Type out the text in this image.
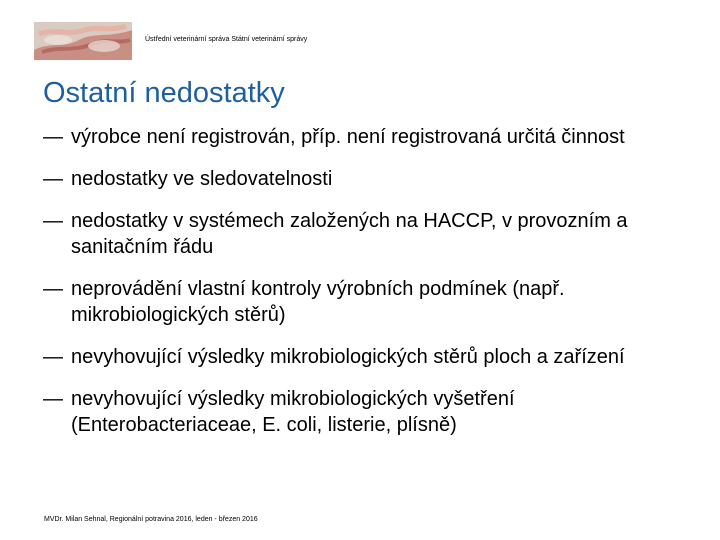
Ústřední veterinární správa Státní veterinární správy
Ostatní nedostatky
— výrobce není registrován, příp. není registrovaná určitá činnost
— nedostatky ve sledovatelnosti
— nedostatky v systémech založených na HACCP, v provozním a sanitačním řádu
— neprovádění vlastní kontroly výrobních podmínek (např. mikrobiologických stěrů)
— nevyhovující výsledky mikrobiologických stěrů ploch a zařízení
— nevyhovující výsledky mikrobiologických vyšetření (Enterobacteriaceae, E. coli, listerie, plísně)
MVDr. Milan Sehnal, Regionální potravina 2016, leden - březen 2016
